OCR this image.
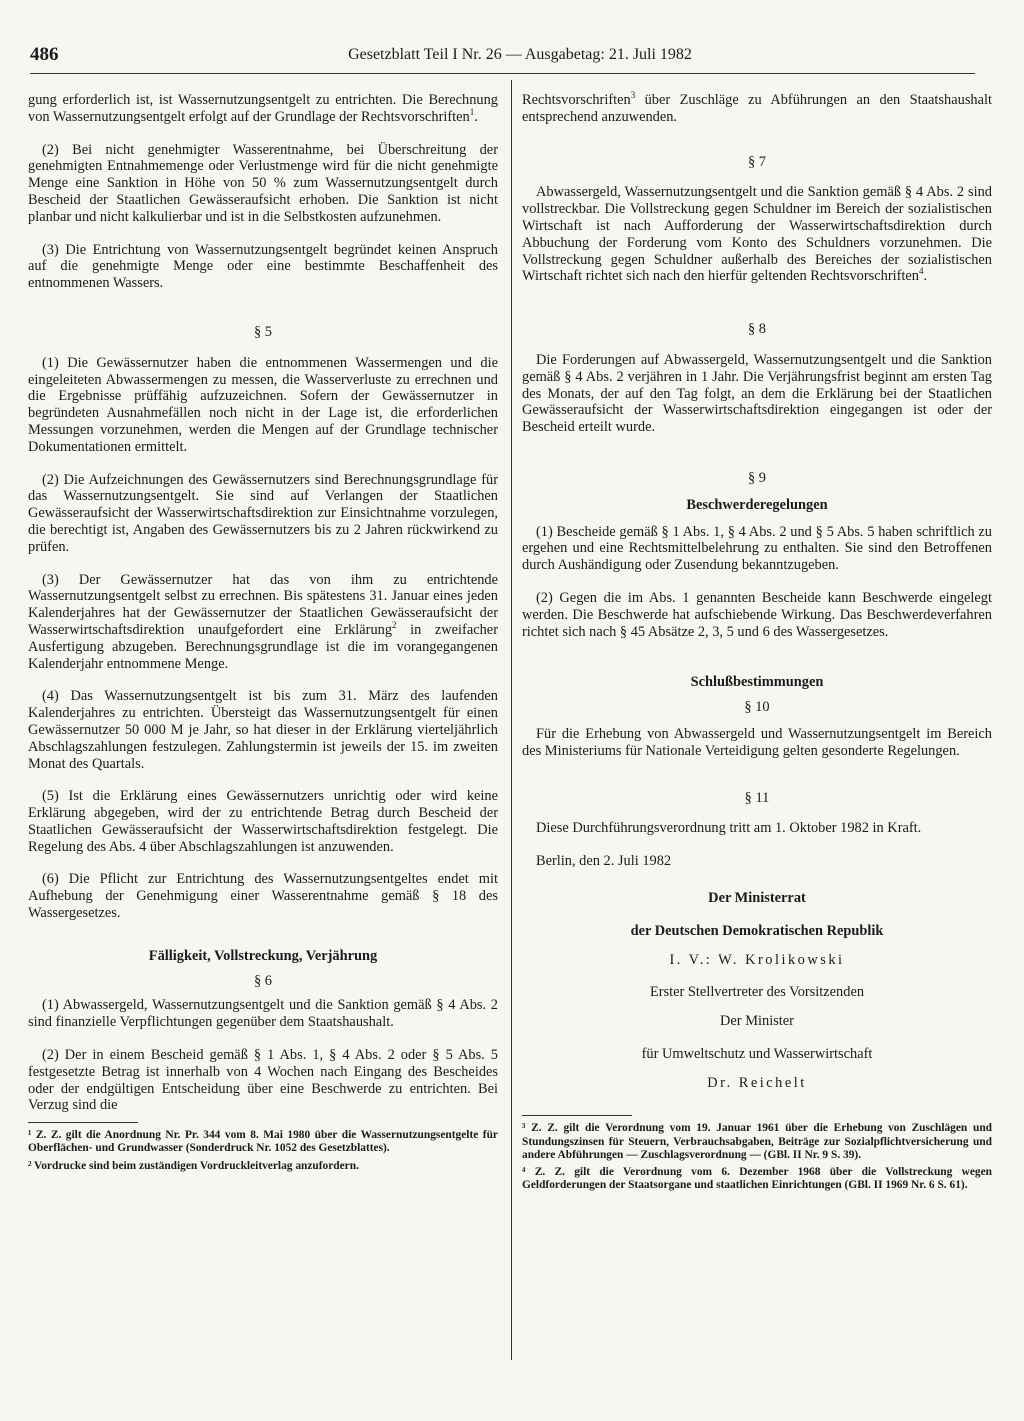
486	Gesetzblatt Teil I Nr. 26 — Ausgabetag: 21. Juli 1982

gung erforderlich ist, ist Wassernutzungsentgelt zu entrichten. Die Berechnung von Wassernutzungsentgelt erfolgt auf der Grundlage der Rechtsvorschriften$^1$.

(2) Bei nicht genehmigter Wasserentnahme, bei Überschreitung der genehmigten Entnahmemenge oder Verlustmenge wird für die nicht genehmigte Menge eine Sanktion in Höhe von 50 % zum Wassernutzungsentgelt durch Bescheid der Staatlichen Gewässeraufsicht erhoben. Die Sanktion ist nicht planbar und nicht kalkulierbar und ist in die Selbstkosten aufzunehmen.

(3) Die Entrichtung von Wassernutzungsentgelt begründet keinen Anspruch auf die genehmigte Menge oder eine bestimmte Beschaffenheit des entnommenen Wassers.

§ 5

(1) Die Gewässernutzer haben die entnommenen Wassermengen und die eingeleiteten Abwassermengen zu messen, die Wasserverluste zu errechnen und die Ergebnisse prüffähig aufzuzeichnen. Sofern der Gewässernutzer in begründeten Ausnahmefällen noch nicht in der Lage ist, die erforderlichen Messungen vorzunehmen, werden die Mengen auf der Grundlage technischer Dokumentationen ermittelt.

(2) Die Aufzeichnungen des Gewässernutzers sind Berechnungsgrundlage für das Wassernutzungsentgelt. Sie sind auf Verlangen der Staatlichen Gewässeraufsicht der Wasserwirtschaftsdirektion zur Einsichtnahme vorzulegen, die berechtigt ist, Angaben des Gewässernutzers bis zu 2 Jahren rückwirkend zu prüfen.

(3) Der Gewässernutzer hat das von ihm zu entrichtende Wassernutzungsentgelt selbst zu errechnen. Bis spätestens 31. Januar eines jeden Kalenderjahres hat der Gewässernutzer der Staatlichen Gewässeraufsicht der Wasserwirtschaftsdirektion unaufgefordert eine Erklärung$^2$ in zweifacher Ausfertigung abzugeben. Berechnungsgrundlage ist die im vorangegangenen Kalenderjahr entnommene Menge.

(4) Das Wassernutzungsentgelt ist bis zum 31. März des laufenden Kalenderjahres zu entrichten. Übersteigt das Wassernutzungsentgelt für einen Gewässernutzer 50 000 M je Jahr, so hat dieser in der Erklärung vierteljährlich Abschlagszahlungen festzulegen. Zahlungstermin ist jeweils der 15. im zweiten Monat des Quartals.

(5) Ist die Erklärung eines Gewässernutzers unrichtig oder wird keine Erklärung abgegeben, wird der zu entrichtende Betrag durch Bescheid der Staatlichen Gewässeraufsicht der Wasserwirtschaftsdirektion festgelegt. Die Regelung des Abs. 4 über Abschlagszahlungen ist anzuwenden.

(6) Die Pflicht zur Entrichtung des Wassernutzungsentgeltes endet mit Aufhebung der Genehmigung einer Wasserentnahme gemäß § 18 des Wassergesetzes.

Fälligkeit, Vollstreckung, Verjährung
§ 6

(1) Abwassergeld, Wassernutzungsentgelt und die Sanktion gemäß § 4 Abs. 2 sind finanzielle Verpflichtungen gegenüber dem Staatshaushalt.

(2) Der in einem Bescheid gemäß § 1 Abs. 1, § 4 Abs. 2 oder § 5 Abs. 5 festgesetzte Betrag ist innerhalb von 4 Wochen nach Eingang des Bescheides oder der endgültigen Entscheidung über eine Beschwerde zu entrichten. Bei Verzug sind die

¹ Z. Z. gilt die Anordnung Nr. Pr. 344 vom 8. Mai 1980 über die Wassernutzungsentgelte für Oberflächen- und Grundwasser (Sonderdruck Nr. 1052 des Gesetzblattes).

² Vordrucke sind beim zuständigen Vordruckleitverlag anzufordern.

Rechtsvorschriften$^3$ über Zuschläge zu Abführungen an den Staatshaushalt entsprechend anzuwenden.

§ 7

Abwassergeld, Wassernutzungsentgelt und die Sanktion gemäß § 4 Abs. 2 sind vollstreckbar. Die Vollstreckung gegen Schuldner im Bereich der sozialistischen Wirtschaft ist nach Aufforderung der Wasserwirtschaftsdirektion durch Abbuchung der Forderung vom Konto des Schuldners vorzunehmen. Die Vollstreckung gegen Schuldner außerhalb des Bereiches der sozialistischen Wirtschaft richtet sich nach den hierfür geltenden Rechtsvorschriften$^4$.

§ 8

Die Forderungen auf Abwassergeld, Wassernutzungsentgelt und die Sanktion gemäß § 4 Abs. 2 verjähren in 1 Jahr. Die Verjährungsfrist beginnt am ersten Tag des Monats, der auf den Tag folgt, an dem die Erklärung bei der Staatlichen Gewässeraufsicht der Wasserwirtschaftsdirektion eingegangen ist oder der Bescheid erteilt wurde.

§ 9
Beschwerderegelungen

(1) Bescheide gemäß § 1 Abs. 1, § 4 Abs. 2 und § 5 Abs. 5 haben schriftlich zu ergehen und eine Rechtsmittelbelehrung zu enthalten. Sie sind den Betroffenen durch Aushändigung oder Zusendung bekanntzugeben.

(2) Gegen die im Abs. 1 genannten Bescheide kann Beschwerde eingelegt werden. Die Beschwerde hat aufschiebende Wirkung. Das Beschwerdeverfahren richtet sich nach § 45 Absätze 2, 3, 5 und 6 des Wassergesetzes.

Schlußbestimmungen
§ 10

Für die Erhebung von Abwassergeld und Wassernutzungsentgelt im Bereich des Ministeriums für Nationale Verteidigung gelten gesonderte Regelungen.

§ 11

Diese Durchführungsverordnung tritt am 1. Oktober 1982 in Kraft.

Berlin, den 2. Juli 1982

Der Ministerrat

der Deutschen Demokratischen Republik

I. V.: W. Krolikowski

Erster Stellvertreter des Vorsitzenden

Der Minister

für Umweltschutz und Wasserwirtschaft

Dr. Reichelt

³ Z. Z. gilt die Verordnung vom 19. Januar 1961 über die Erhebung von Zuschlägen und Stundungszinsen für Steuern, Verbrauchsabgaben, Beiträge zur Sozialpflichtversicherung und andere Abführungen — Zuschlagsverordnung — (GBl. II Nr. 9 S. 39).

⁴ Z. Z. gilt die Verordnung vom 6. Dezember 1968 über die Vollstreckung wegen Geldforderungen der Staatsorgane und staatlichen Einrichtungen (GBl. II 1969 Nr. 6 S. 61).
